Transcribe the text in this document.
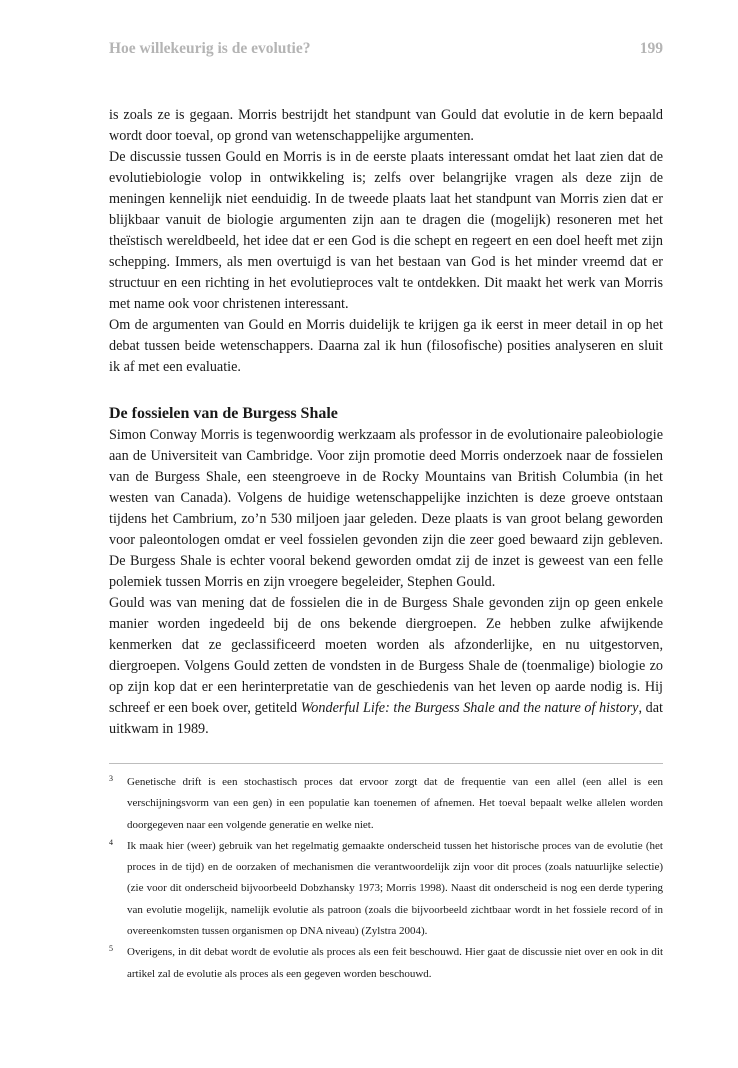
Hoe willekeurig is de evolutie?	199

is zoals ze is gegaan. Morris bestrijdt het standpunt van Gould dat evolutie in de kern bepaald wordt door toeval, op grond van wetenschappelijke argumenten.

De discussie tussen Gould en Morris is in de eerste plaats interessant omdat het laat zien dat de evolutiebiologie volop in ontwikkeling is; zelfs over belangrijke vragen als deze zijn de meningen kennelijk niet eenduidig. In de tweede plaats laat het standpunt van Morris zien dat er blijkbaar vanuit de biologie argumenten zijn aan te dragen die (mogelijk) resoneren met het theïstisch wereldbeeld, het idee dat er een God is die schept en regeert en een doel heeft met zijn schepping. Immers, als men overtuigd is van het bestaan van God is het minder vreemd dat er structuur en een richting in het evolutieproces valt te ontdekken. Dit maakt het werk van Morris met name ook voor christenen interessant.

Om de argumenten van Gould en Morris duidelijk te krijgen ga ik eerst in meer detail in op het debat tussen beide wetenschappers. Daarna zal ik hun (filosofische) posities analyseren en sluit ik af met een evaluatie.

De fossielen van de Burgess Shale

Simon Conway Morris is tegenwoordig werkzaam als professor in de evolutionaire paleobiologie aan de Universiteit van Cambridge. Voor zijn promotie deed Morris onderzoek naar de fossielen van de Burgess Shale, een steengroeve in de Rocky Mountains van British Columbia (in het westen van Canada). Volgens de huidige wetenschappelijke inzichten is deze groeve ontstaan tijdens het Cambrium, zo’n 530 miljoen jaar geleden. Deze plaats is van groot belang geworden voor paleontologen omdat er veel fossielen gevonden zijn die zeer goed bewaard zijn gebleven. De Burgess Shale is echter vooral bekend geworden omdat zij de inzet is geweest van een felle polemiek tussen Morris en zijn vroegere begeleider, Stephen Gould.

Gould was van mening dat de fossielen die in de Burgess Shale gevonden zijn op geen enkele manier worden ingedeeld bij de ons bekende diergroepen. Ze hebben zulke afwijkende kenmerken dat ze geclassificeerd moeten worden als afzonderlijke, en nu uitgestorven, diergroepen. Volgens Gould zetten de vondsten in de Burgess Shale de (toenmalige) biologie zo op zijn kop dat er een herinterpretatie van de geschiedenis van het leven op aarde nodig is. Hij schreef er een boek over, getiteld Wonderful Life: the Burgess Shale and the nature of history, dat uitkwam in 1989.

3 Genetische drift is een stochastisch proces dat ervoor zorgt dat de frequentie van een allel (een allel is een verschijningsvorm van een gen) in een populatie kan toenemen of afnemen. Het toeval bepaalt welke allelen worden doorgegeven naar een volgende generatie en welke niet.

4 Ik maak hier (weer) gebruik van het regelmatig gemaakte onderscheid tussen het historische proces van de evolutie (het proces in de tijd) en de oorzaken of mechanismen die verantwoordelijk zijn voor dit proces (zoals natuurlijke selectie) (zie voor dit onderscheid bijvoorbeeld Dobzhansky 1973; Morris 1998). Naast dit onderscheid is nog een derde typering van evolutie mogelijk, namelijk evolutie als patroon (zoals die bijvoorbeeld zichtbaar wordt in het fossiele record of in overeenkomsten tussen organismen op DNA niveau) (Zylstra 2004).

5 Overigens, in dit debat wordt de evolutie als proces als een feit beschouwd. Hier gaat de discussie niet over en ook in dit artikel zal de evolutie als proces als een gegeven worden beschouwd.
